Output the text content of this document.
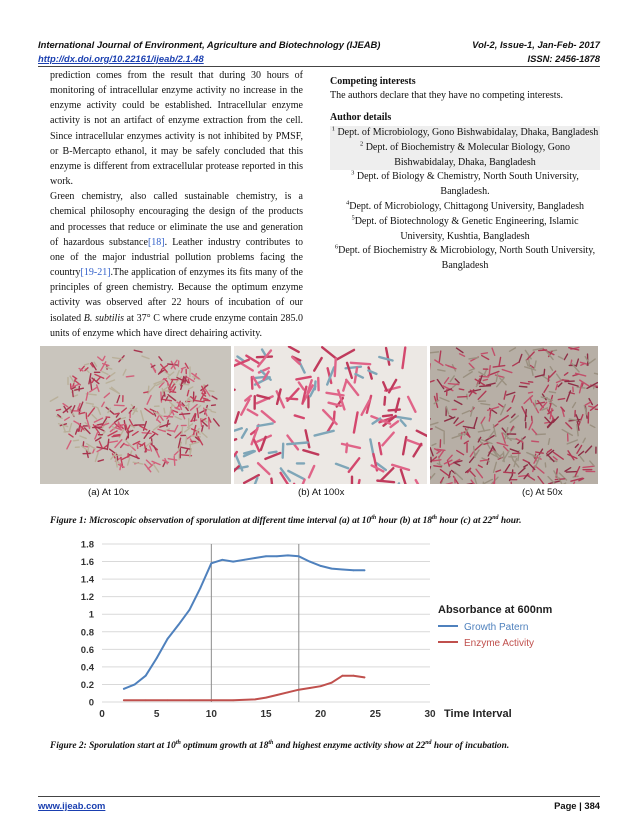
International Journal of Environment, Agriculture and Biotechnology (IJEAB)	Vol-2, Issue-1, Jan-Feb- 2017
http://dx.doi.org/10.22161/ijeab/2.1.48	ISSN: 2456-1878

prediction comes from the result that during 30 hours of monitoring of intracellular enzyme activity no increase in the enzyme activity could be established. Intracellular enzyme activity is not an artifact of enzyme extraction from the cell. Since intracellular enzymes activity is not inhibited by PMSF, or B-Mercapto ethanol, it may be safely concluded that this enzyme is different from extracellular protease reported in this work.

Green chemistry, also called sustainable chemistry, is a chemical philosophy encouraging the design of the products and processes that reduce or eliminate the use and generation of hazardous substance[18]. Leather industry contributes to one of the major industrial pollution problems facing the country[19-21].The application of enzymes its fits many of the principles of green chemistry. Because the optimum enzyme activity was observed after 22 hours of incubation of our isolated B. subtilis at 37° C where crude enzyme contain 285.0 units of enzyme which have direct dehairing activity.

Competing interests
The authors declare that they have no competing interests.
Author details
$^1$ Dept. of Microbiology, Gono Bishwabidalay, Dhaka, Bangladesh
$^2$ Dept. of Biochemistry & Molecular Biology, Gono Bishwabidalay, Dhaka, Bangladesh
$^3$ Dept. of Biology & Chemistry, North South University, Bangladesh.
$^4$Dept. of Microbiology, Chittagong University, Bangladesh
$^5$Dept. of Biotechnology & Genetic Engineering, Islamic University, Kushtia, Bangladesh
$^6$Dept. of Biochemistry & Microbiology, North South University, Bangladesh
(a) At 10x	(b) At 100x	(c) At 50x
Figure 1: Microscopic observation of sporulation at different time interval (a) at 10th hour (b) at 18th hour (c) at 22nd hour.
0
0.2
0.4
0.6
0.8
1
1.2
1.4
1.6
1.8
0	5	10	15	20	25	30
Absorbance at 600nm
Growth Patern
Enzyme Activity
Time Interval
Figure 2: Sporulation start at 10th optimum growth at 18th and highest enzyme activity show at 22nd hour of incubation.
www.ijeab.com	Page | 384
